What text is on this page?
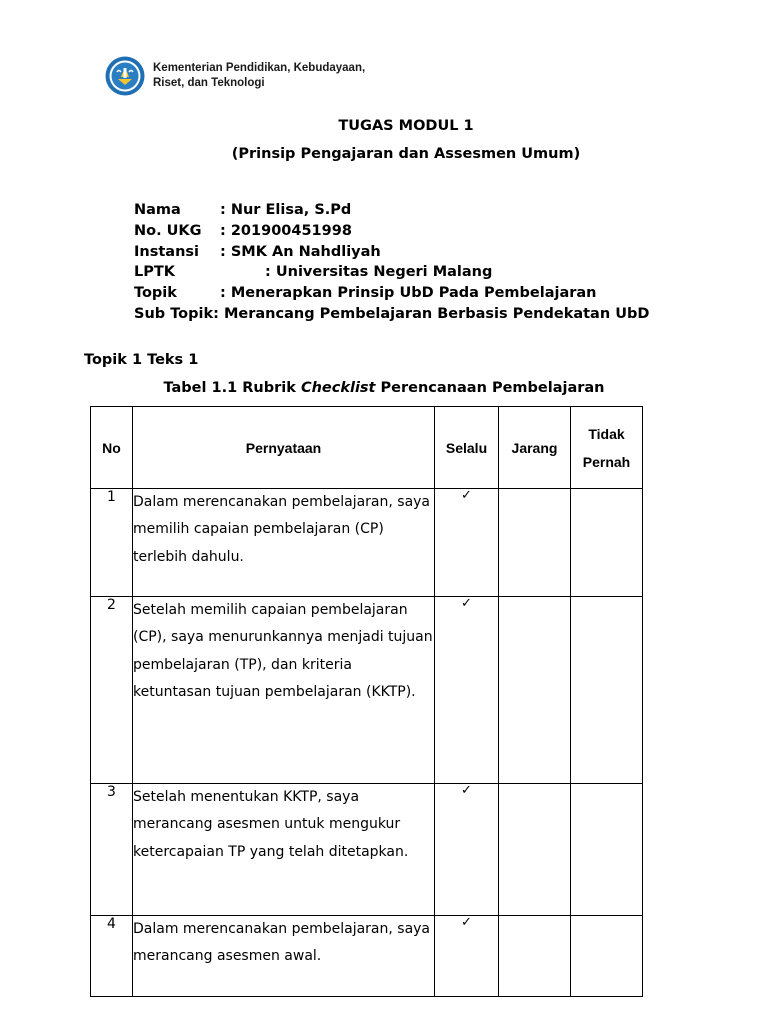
Kementerian Pendidikan, Kebudayaan,
Riset, dan Teknologi
TUGAS MODUL 1
(Prinsip Pengajaran dan Assesmen Umum)
Nama	: Nur Elisa, S.Pd
No. UKG : 201900451998
Instansi : SMK An Nahdliyah
LPTK	: Universitas Negeri Malang
Topik	: Menerapkan Prinsip UbD Pada Pembelajaran
Sub Topik: Merancang Pembelajaran Berbasis Pendekatan UbD
Topik 1 Teks 1
Tabel 1.1 Rubrik Checklist Perencanaan Pembelajaran
No	Pernyataan	Selalu	Jarang	Tidak
Pernah
1	Dalam merencanakan pembelajaran, saya memilih capaian pembelajaran (CP) terlebih dahulu.	✓		
2	Setelah memilih capaian pembelajaran (CP), saya menurunkannya menjadi tujuan pembelajaran (TP), dan kriteria ketuntasan tujuan pembelajaran (KKTP).	✓		
3	Setelah menentukan KKTP, saya merancang asesmen untuk mengukur ketercapaian TP yang telah ditetapkan.	✓		
4	Dalam merencanakan pembelajaran, saya merancang asesmen awal.	✓		
